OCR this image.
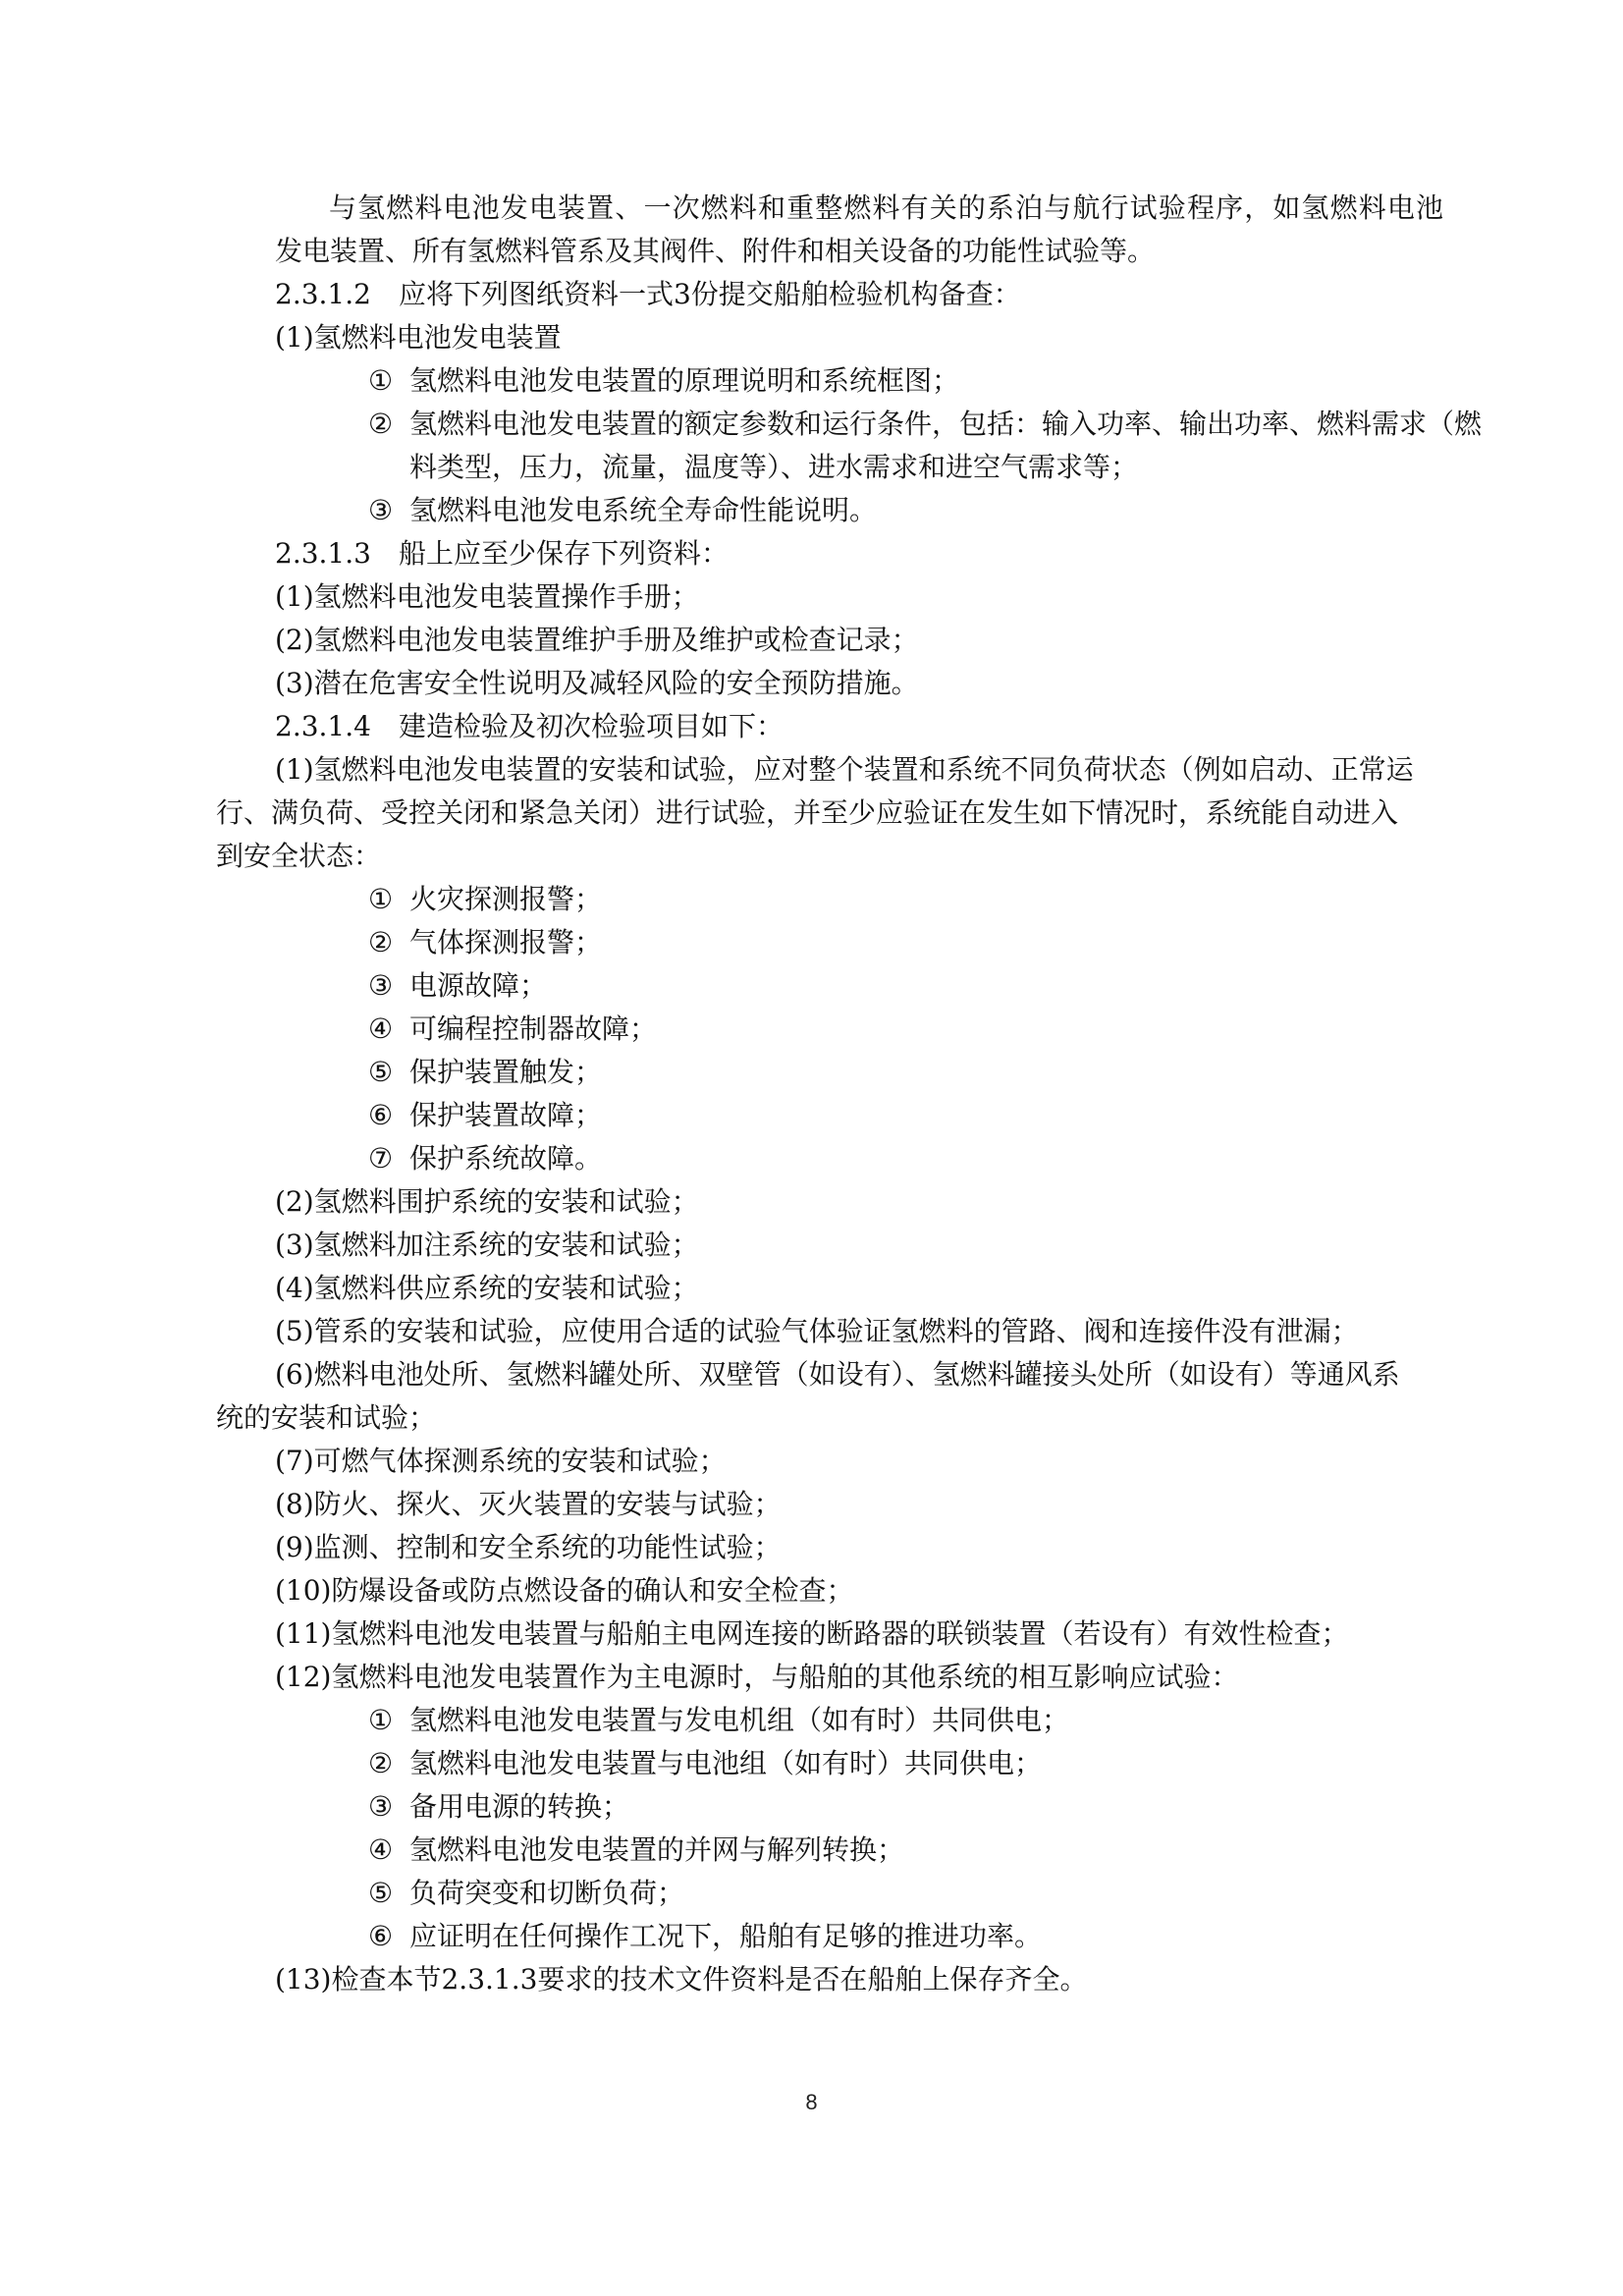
与氢燃料电池发电装置、一次燃料和重整燃料有关的系泊与航行试验程序，如氢燃料电池
发电装置、所有氢燃料管系及其阀件、附件和相关设备的功能性试验等。
2.3.1.2　应将下列图纸资料一式3份提交船舶检验机构备查：
(1)氢燃料电池发电装置
① 氢燃料电池发电装置的原理说明和系统框图；
② 氢燃料电池发电装置的额定参数和运行条件，包括：输入功率、输出功率、燃料需求（燃
料类型，压力，流量，温度等）、进水需求和进空气需求等；
③ 氢燃料电池发电系统全寿命性能说明。
2.3.1.3　船上应至少保存下列资料：
(1)氢燃料电池发电装置操作手册；
(2)氢燃料电池发电装置维护手册及维护或检查记录；
(3)潜在危害安全性说明及减轻风险的安全预防措施。
2.3.1.4　建造检验及初次检验项目如下：
(1)氢燃料电池发电装置的安装和试验，应对整个装置和系统不同负荷状态（例如启动、正常运
行、满负荷、受控关闭和紧急关闭）进行试验，并至少应验证在发生如下情况时，系统能自动进入
到安全状态：
① 火灾探测报警；
② 气体探测报警；
③ 电源故障；
④ 可编程控制器故障；
⑤ 保护装置触发；
⑥ 保护装置故障；
⑦ 保护系统故障。
(2)氢燃料围护系统的安装和试验；
(3)氢燃料加注系统的安装和试验；
(4)氢燃料供应系统的安装和试验；
(5)管系的安装和试验，应使用合适的试验气体验证氢燃料的管路、阀和连接件没有泄漏；
(6)燃料电池处所、氢燃料罐处所、双壁管（如设有）、氢燃料罐接头处所（如设有）等通风系
统的安装和试验；
(7)可燃气体探测系统的安装和试验；
(8)防火、探火、灭火装置的安装与试验；
(9)监测、控制和安全系统的功能性试验；
(10)防爆设备或防点燃设备的确认和安全检查；
(11)氢燃料电池发电装置与船舶主电网连接的断路器的联锁装置（若设有）有效性检查；
(12)氢燃料电池发电装置作为主电源时，与船舶的其他系统的相互影响应试验：
① 氢燃料电池发电装置与发电机组（如有时）共同供电；
② 氢燃料电池发电装置与电池组（如有时）共同供电；
③ 备用电源的转换；
④ 氢燃料电池发电装置的并网与解列转换；
⑤ 负荷突变和切断负荷；
⑥ 应证明在任何操作工况下，船舶有足够的推进功率。
(13)检查本节2.3.1.3要求的技术文件资料是否在船舶上保存齐全。
8
